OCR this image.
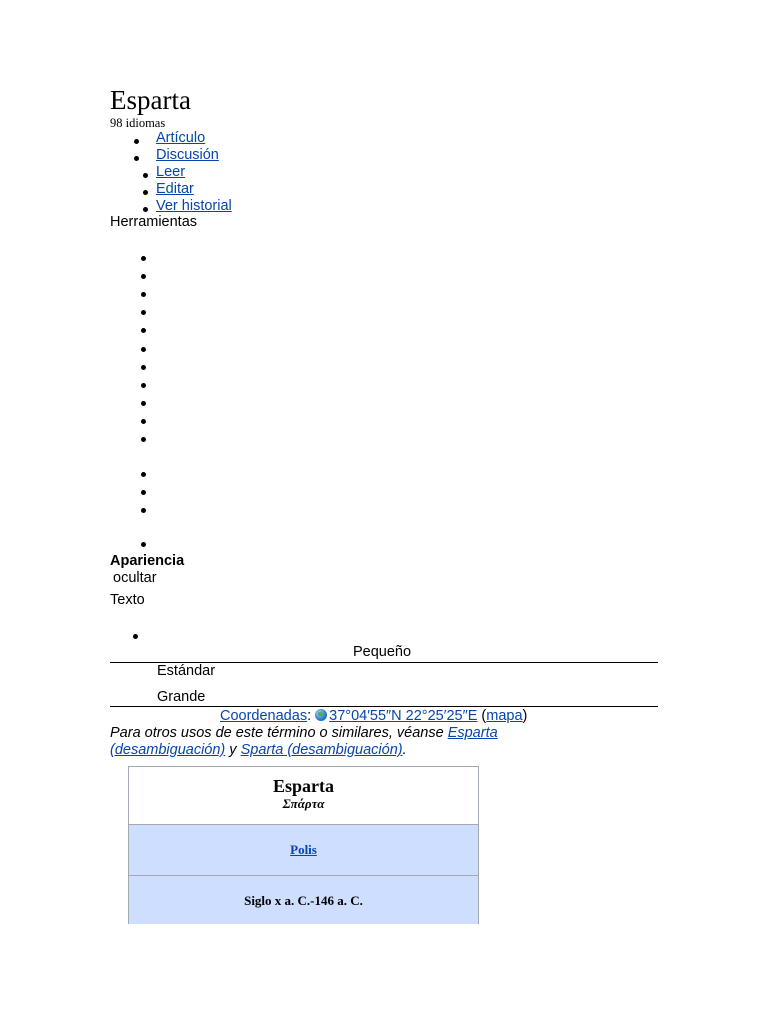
Esparta
98 idiomas
Artículo
Discusión
Leer
Editar
Ver historial
Herramientas
Apariencia
ocultar
Texto
Pequeño
Estándar
Grande
Coordenadas: 37°04′55″N 22°25′25″E (mapa)
Para otros usos de este término o similares, véanse Esparta
(desambiguación) y Sparta (desambiguación).
Esparta
Σπάρτα
Polis
Siglo x a. C.-146 a. C.
